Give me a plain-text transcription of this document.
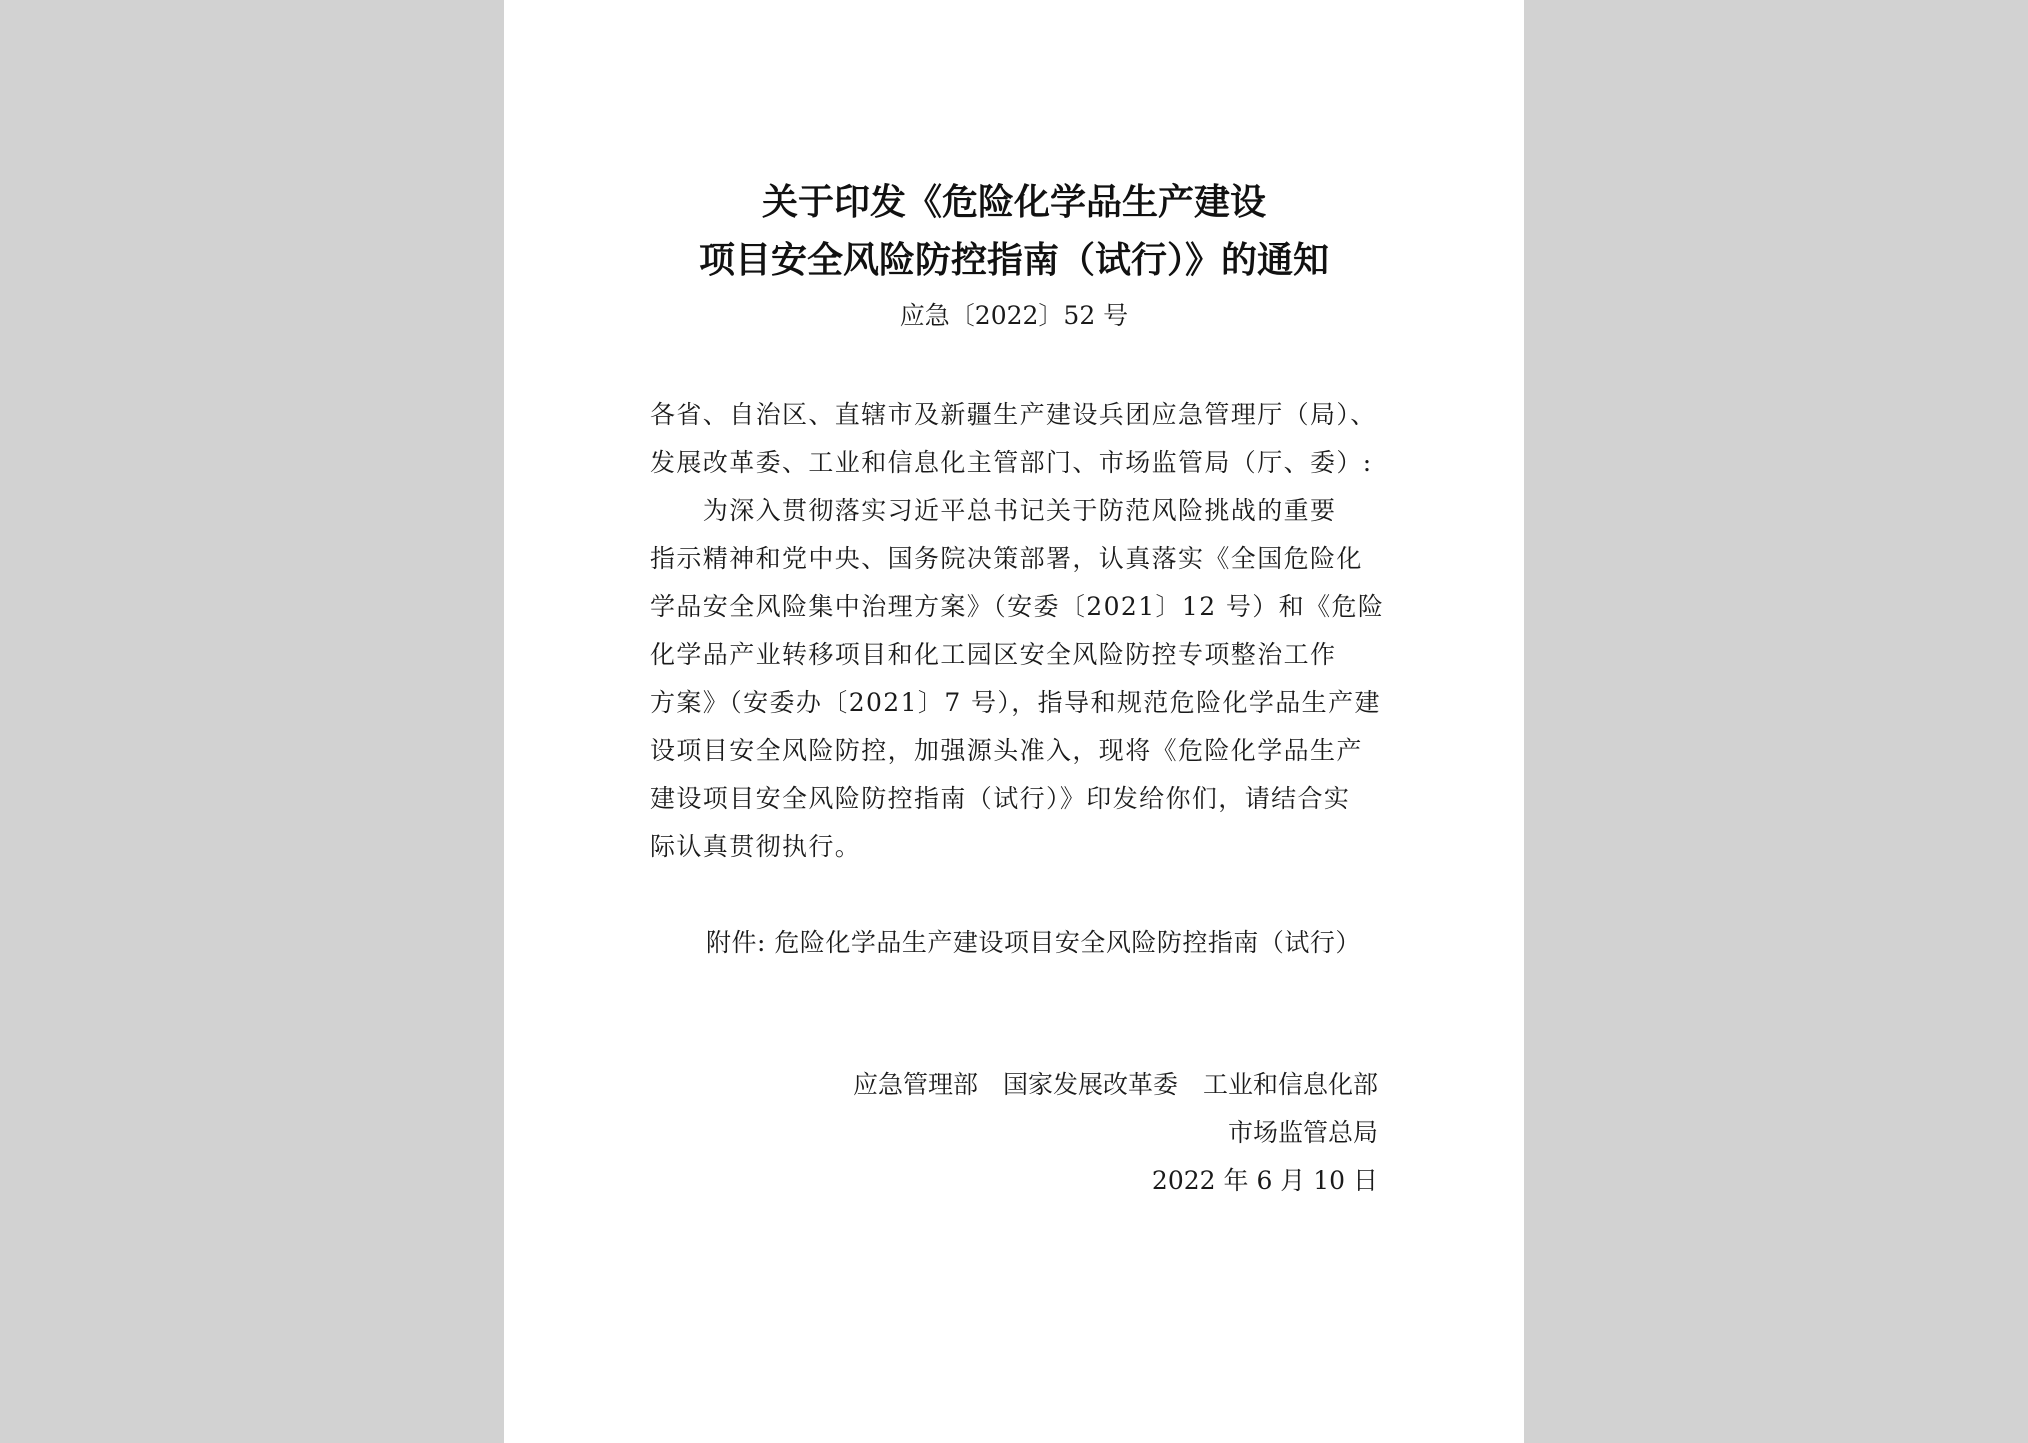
关于印发《危险化学品生产建设
项目安全风险防控指南（试行）》的通知
应急〔2022〕52 号
各省、自治区、直辖市及新疆生产建设兵团应急管理厅（局）、
发展改革委、工业和信息化主管部门、市场监管局（厅、委）:
　　为深入贯彻落实习近平总书记关于防范风险挑战的重要
指示精神和党中央、国务院决策部署，认真落实《全国危险化
学品安全风险集中治理方案》（安委〔2021〕12 号）和《危险
化学品产业转移项目和化工园区安全风险防控专项整治工作
方案》（安委办〔2021〕7 号），指导和规范危险化学品生产建
设项目安全风险防控，加强源头准入，现将《危险化学品生产
建设项目安全风险防控指南（试行）》印发给你们，请结合实
际认真贯彻执行。
附件: 危险化学品生产建设项目安全风险防控指南（试行）
应急管理部　国家发展改革委　工业和信息化部
市场监管总局
2022 年 6 月 10 日
